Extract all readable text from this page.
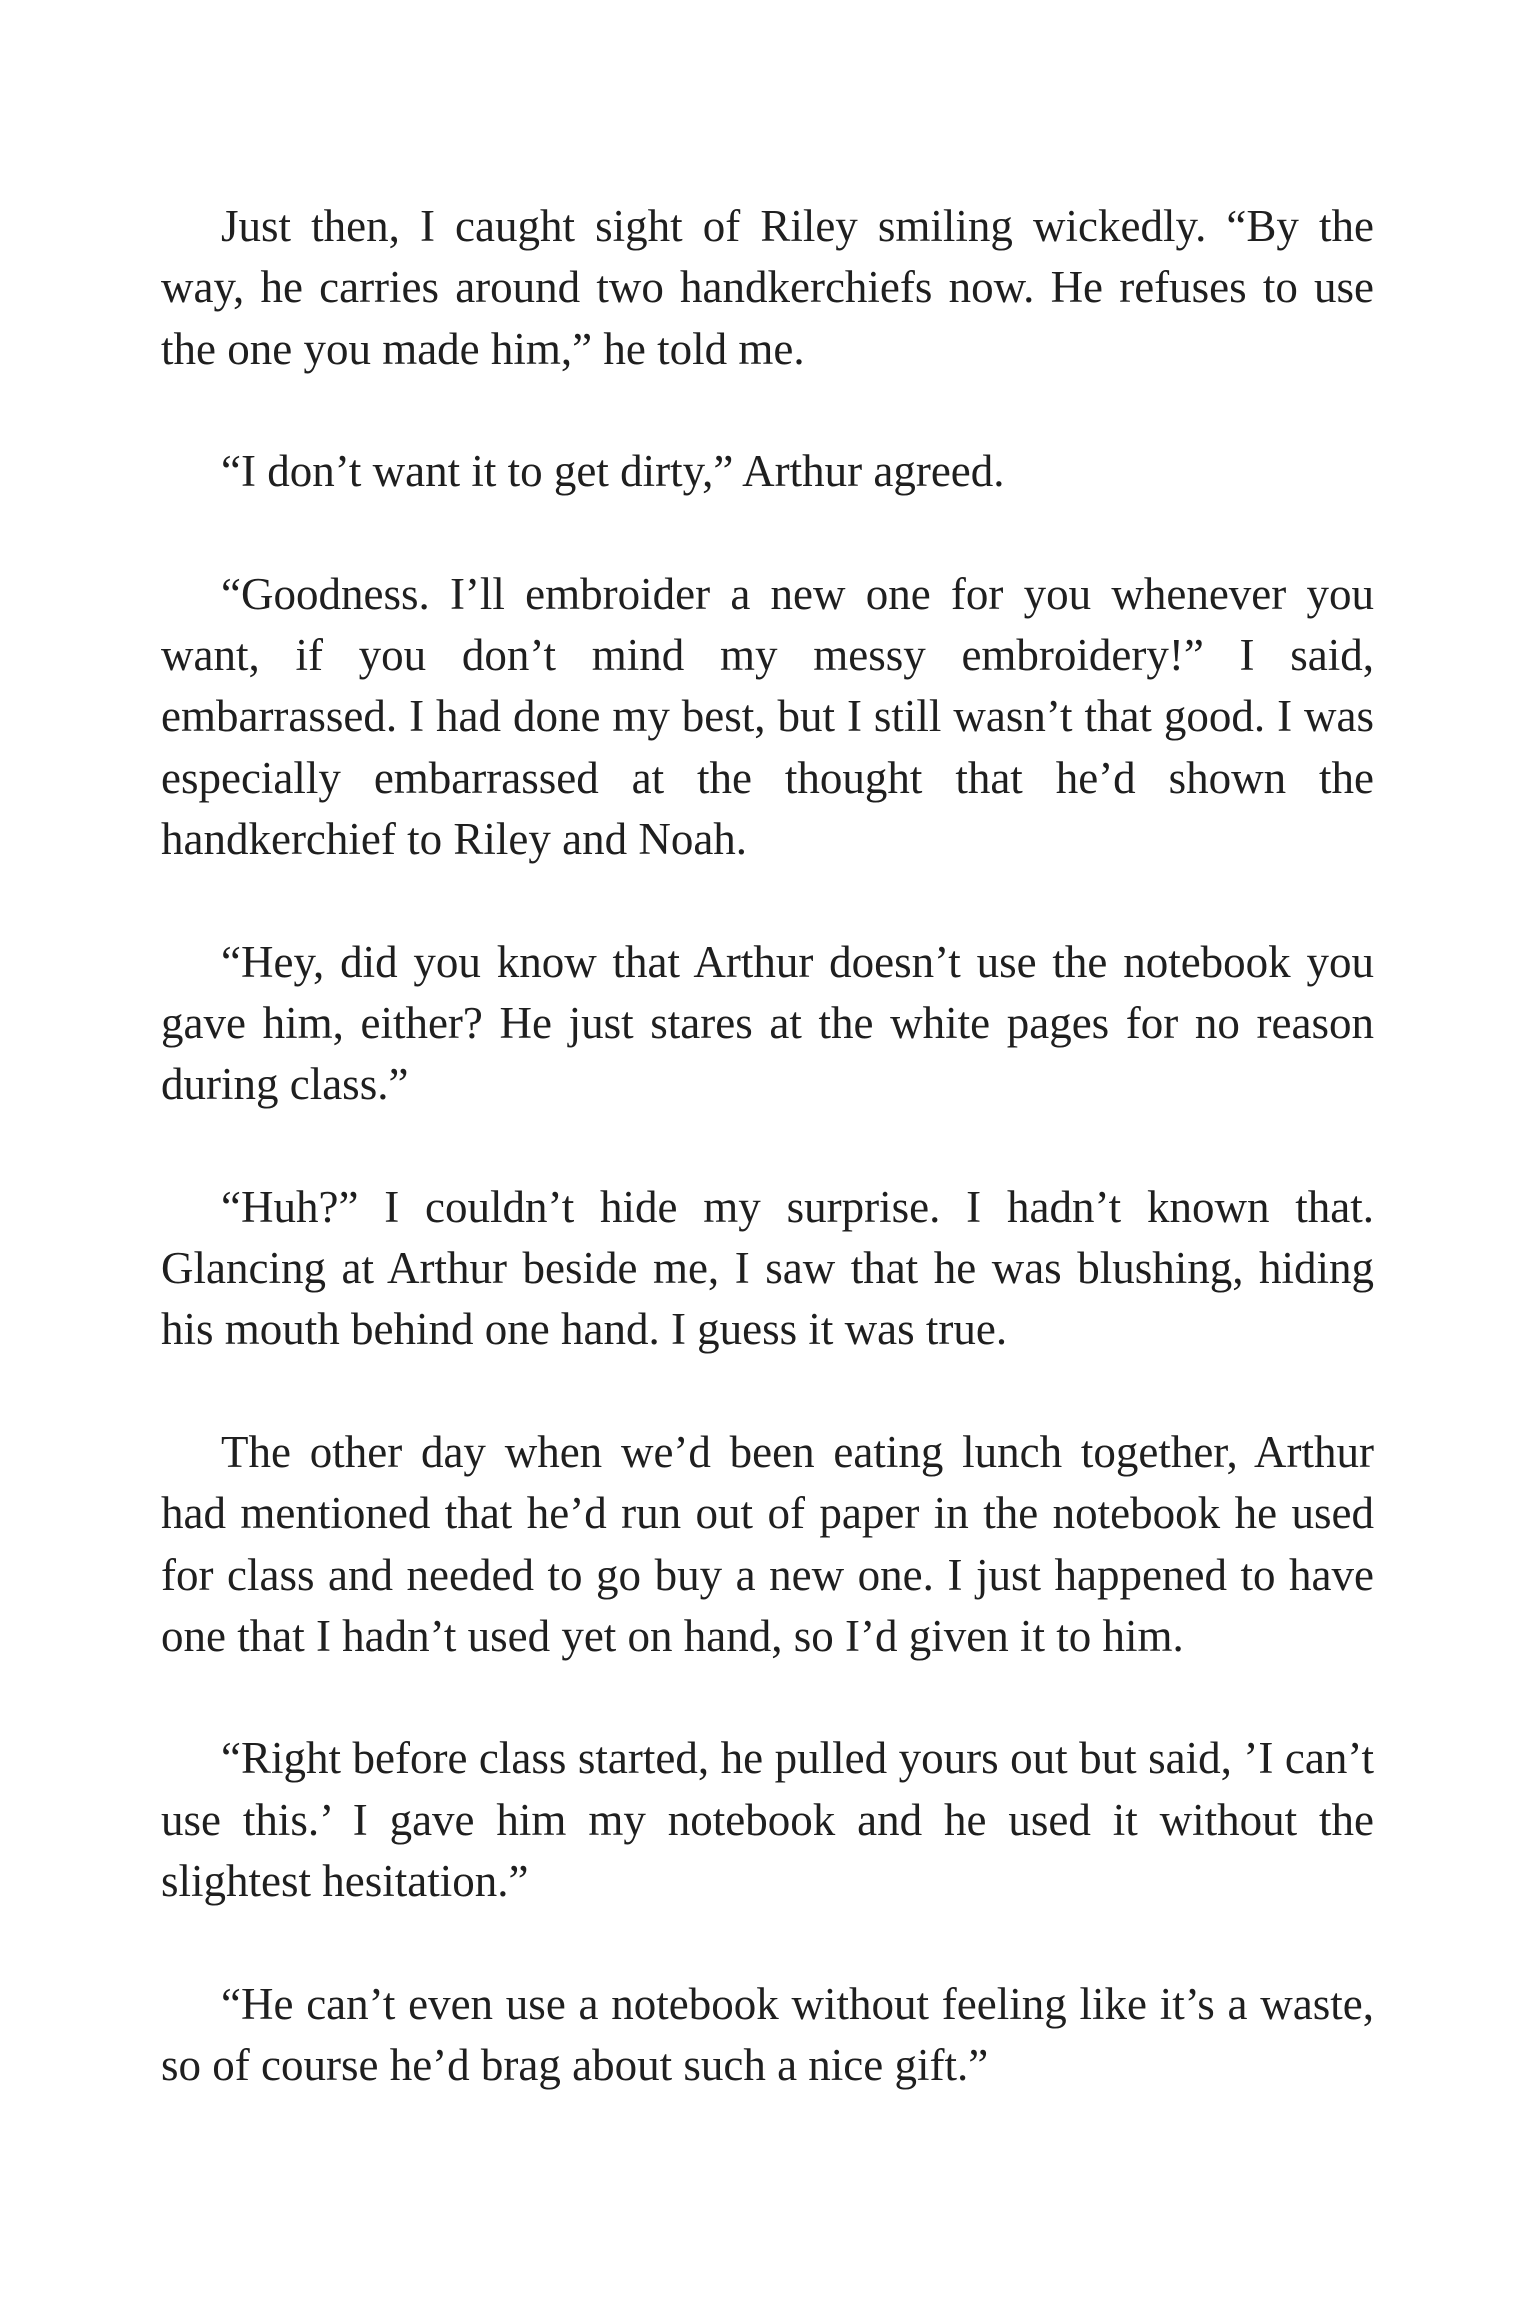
Just then, I caught sight of Riley smiling wickedly. “By the way, he carries around two handkerchiefs now. He refuses to use the one you made him,” he told me.

“I don’t want it to get dirty,” Arthur agreed.

“Goodness. I’ll embroider a new one for you whenever you want, if you don’t mind my messy embroidery!” I said, embarrassed. I had done my best, but I still wasn’t that good. I was especially embarrassed at the thought that he’d shown the handkerchief to Riley and Noah.

“Hey, did you know that Arthur doesn’t use the notebook you gave him, either? He just stares at the white pages for no reason during class.”

“Huh?” I couldn’t hide my surprise. I hadn’t known that. Glancing at Arthur beside me, I saw that he was blushing, hiding his mouth behind one hand. I guess it was true.

The other day when we’d been eating lunch together, Arthur had mentioned that he’d run out of paper in the notebook he used for class and needed to go buy a new one. I just happened to have one that I hadn’t used yet on hand, so I’d given it to him.

“Right before class started, he pulled yours out but said, ’I can’t use this.’ I gave him my notebook and he used it without the slightest hesitation.”

“He can’t even use a notebook without feeling like it’s a waste, so of course he’d brag about such a nice gift.”
